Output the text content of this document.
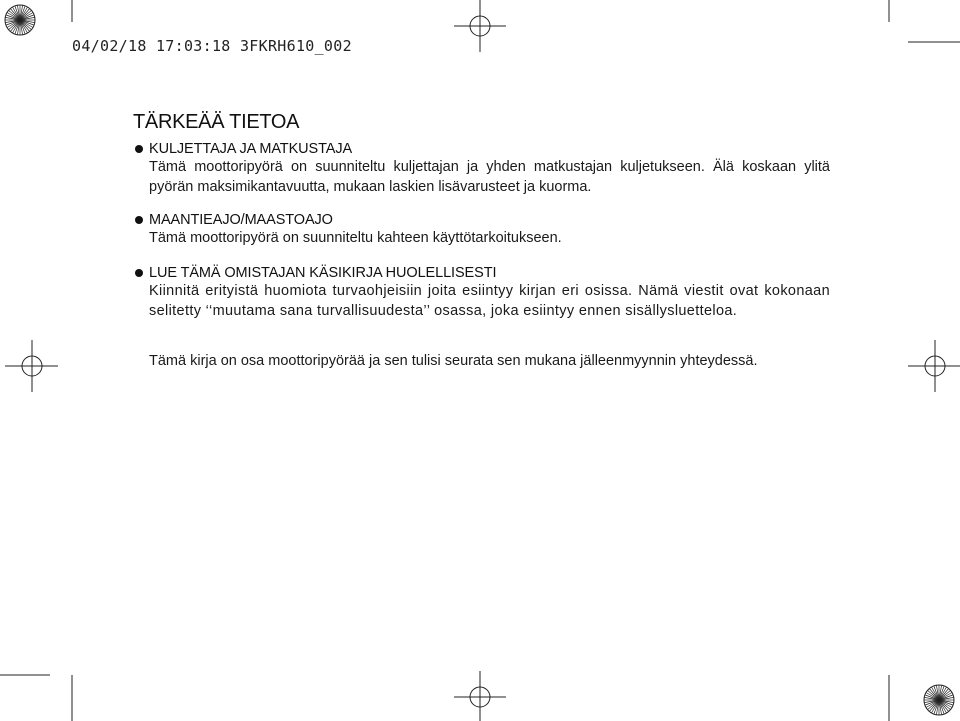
04/02/18 17:03:18 3FKRH610_002
TÄRKEÄÄ TIETOA
KULJETTAJA JA MATKUSTAJA

Tämä moottoripyörä on suunniteltu kuljettajan ja yhden matkustajan kuljetukseen. Älä koskaan ylitä pyörän maksimikantavuutta, mukaan laskien lisävarusteet ja kuorma.

MAANTIEAJO/MAASTOAJO

Tämä moottoripyörä on suunniteltu kahteen käyttötarkoitukseen.

LUE TÄMÄ OMISTAJAN KÄSIKIRJA HUOLELLISESTI

Kiinnitä erityistä huomiota turvaohjeisiin joita esiintyy kirjan eri osissa. Nämä viestit ovat kokonaan selitetty ‘‘muutama sana turvallisuudesta’’ osassa, joka esiintyy ennen sisällysluetteloa.

Tämä kirja on osa moottoripyörää ja sen tulisi seurata sen mukana jälleenmyynnin yhteydessä.
